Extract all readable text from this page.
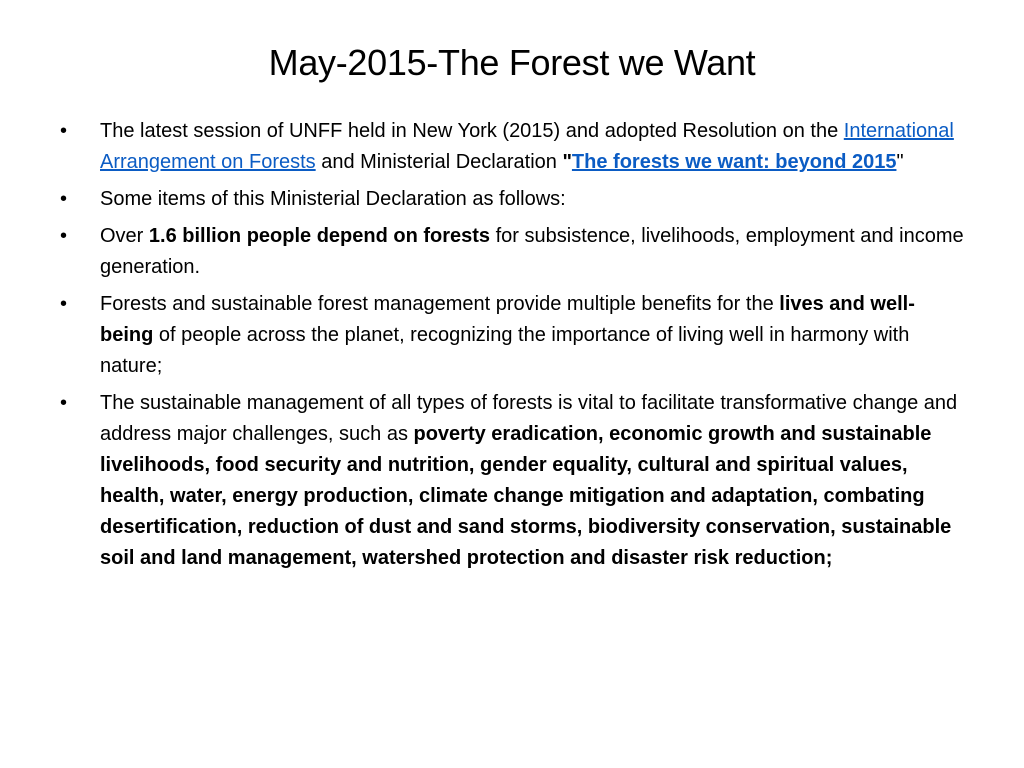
May-2015-The Forest we Want
•	The latest session of UNFF held in New York (2015) and adopted Resolution on the International Arrangement on Forests and Ministerial Declaration "The forests we want: beyond 2015"
•	Some items of this Ministerial Declaration as follows:
•	Over 1.6 billion people depend on forests for subsistence, livelihoods, employment and income generation.
•	Forests and sustainable forest management provide multiple benefits for the lives and well-being of people across the planet, recognizing the importance of living well in harmony with nature;
•	The sustainable management of all types of forests is vital to facilitate transformative change and address major challenges, such as poverty eradication, economic growth and sustainable livelihoods, food security and nutrition, gender equality, cultural and spiritual values, health, water, energy production, climate change mitigation and adaptation, combating desertification, reduction of dust and sand storms, biodiversity conservation, sustainable soil and land management, watershed protection and disaster risk reduction;
